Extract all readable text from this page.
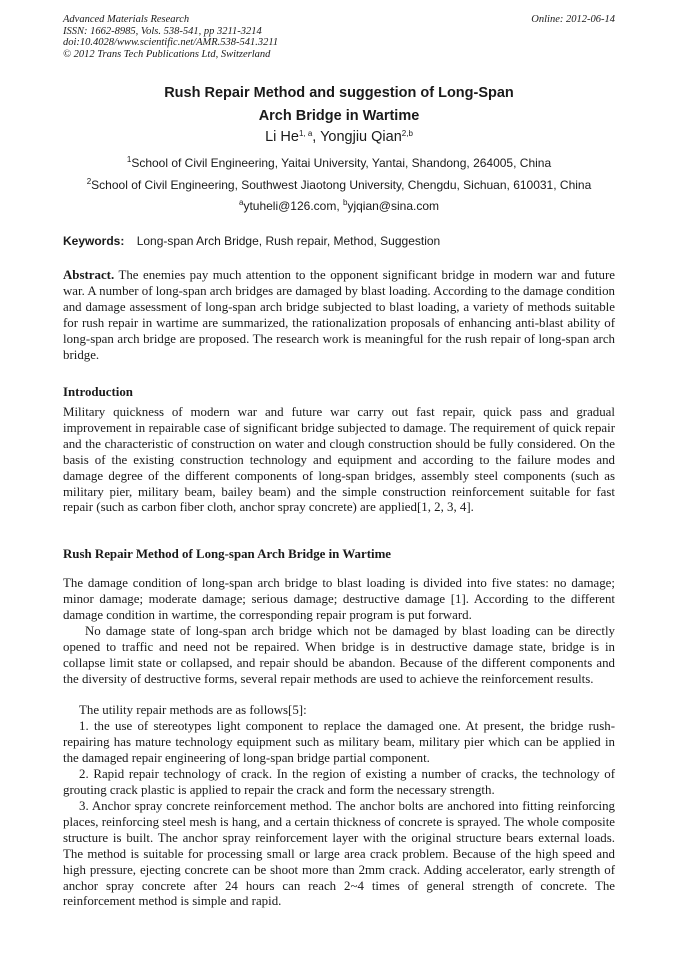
Advanced Materials Research
ISSN: 1662-8985, Vols. 538-541, pp 3211-3214
doi:10.4028/www.scientific.net/AMR.538-541.3211
© 2012 Trans Tech Publications Ltd, Switzerland
Online: 2012-06-14
Rush Repair Method and suggestion of Long-Span
Arch Bridge in Wartime
Li He$^{1, a}$, Yongjiu Qian$^{2,b}$
$^1$School of Civil Engineering, Yaitai University, Yantai, Shandong, 264005, China
$^2$School of Civil Engineering, Southwest Jiaotong University, Chengdu, Sichuan, 610031, China
$^a$ytuheli@126.com, $^b$yjqian@sina.com
Keywords: Long-span Arch Bridge, Rush repair, Method, Suggestion
Abstract. The enemies pay much attention to the opponent significant bridge in modern war and future war. A number of long-span arch bridges are damaged by blast loading. According to the damage condition and damage assessment of long-span arch bridge subjected to blast loading, a variety of methods suitable for rush repair in wartime are summarized, the rationalization proposals of enhancing anti-blast ability of long-span arch bridge are proposed. The research work is meaningful for the rush repair of long-span arch bridge.
Introduction
Military quickness of modern war and future war carry out fast repair, quick pass and gradual improvement in repairable case of significant bridge subjected to damage. The requirement of quick repair and the characteristic of construction on water and clough construction should be fully considered. On the basis of the existing construction technology and equipment and according to the failure modes and damage degree of the different components of long-span bridges, assembly steel components (such as military pier, military beam, bailey beam) and the simple construction reinforcement suitable for fast repair (such as carbon fiber cloth, anchor spray concrete) are applied[1, 2, 3, 4].
Rush Repair Method of Long-span Arch Bridge in Wartime
The damage condition of long-span arch bridge to blast loading is divided into five states: no damage; minor damage; moderate damage; serious damage; destructive damage [1]. According to the different damage condition in wartime, the corresponding repair program is put forward.
No damage state of long-span arch bridge which not be damaged by blast loading can be directly opened to traffic and need not be repaired. When bridge is in destructive damage state, bridge is in collapse limit state or collapsed, and repair should be abandon. Because of the different components and the diversity of destructive forms, several repair methods are used to achieve the reinforcement results.
The utility repair methods are as follows[5]:
1. the use of stereotypes light component to replace the damaged one. At present, the bridge rush-repairing has mature technology equipment such as military beam, military pier which can be applied in the damaged repair engineering of long-span bridge partial component.
2. Rapid repair technology of crack. In the region of existing a number of cracks, the technology of grouting crack plastic is applied to repair the crack and form the necessary strength.
3. Anchor spray concrete reinforcement method. The anchor bolts are anchored into fitting reinforcing places, reinforcing steel mesh is hang, and a certain thickness of concrete is sprayed. The whole composite structure is built. The anchor spray reinforcement layer with the original structure bears external loads. The method is suitable for processing small or large area crack problem. Because of the high speed and high pressure, ejecting concrete can be shoot more than 2mm crack. Adding accelerator, early strength of anchor spray concrete after 24 hours can reach 2~4 times of general strength of concrete. The reinforcement method is simple and rapid.
